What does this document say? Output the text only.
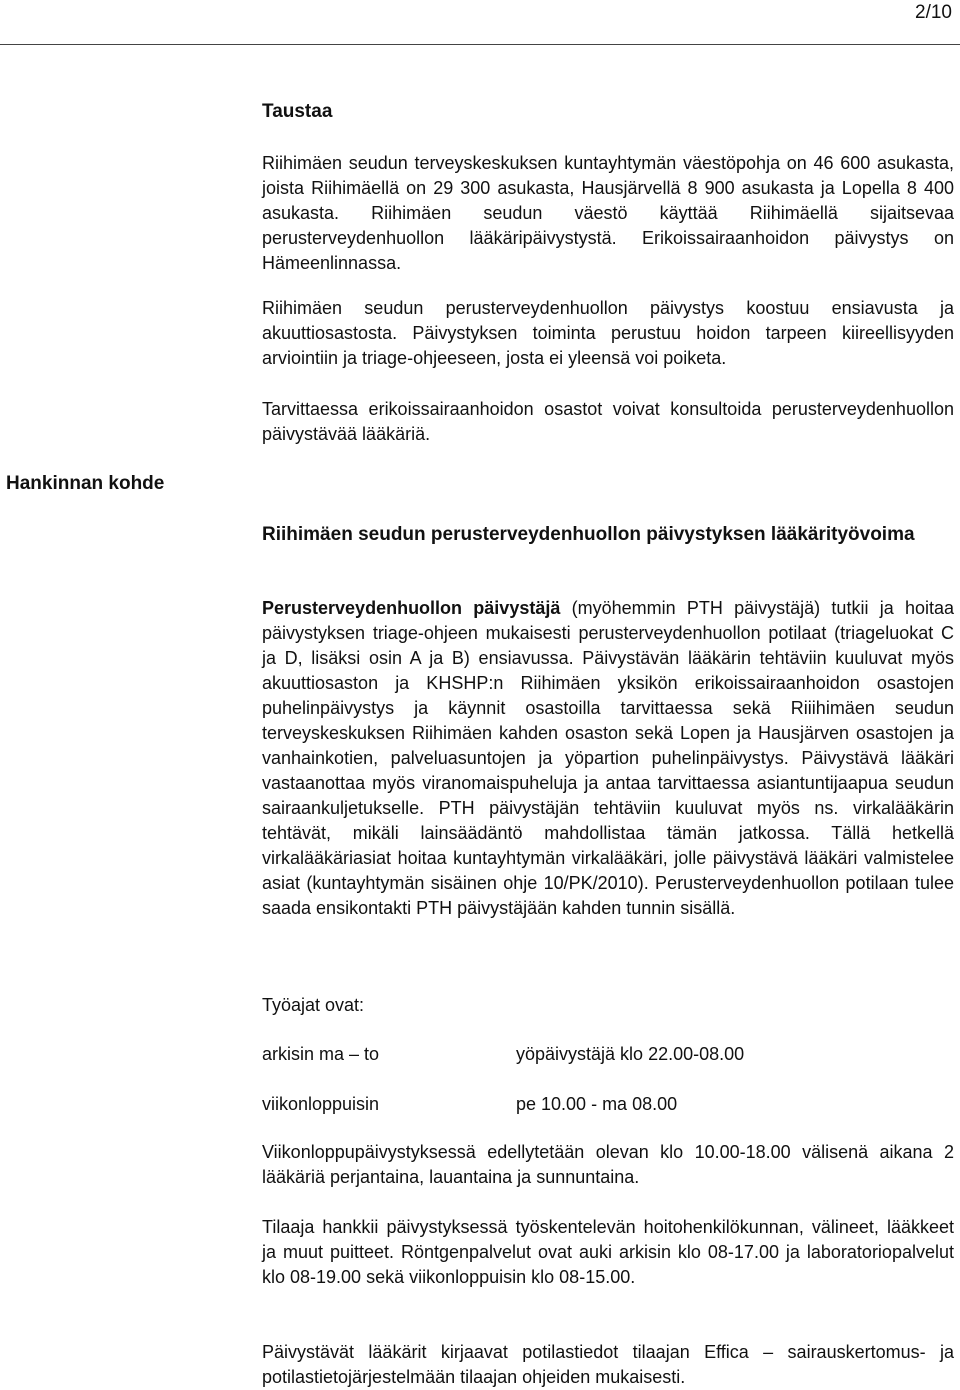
2/10
Hankinnan kohde

Taustaa

Riihimäen seudun terveyskeskuksen kuntayhtymän väestöpohja on 46 600 asukasta, joista Riihimäellä on 29 300 asukasta, Hausjärvellä 8 900 asukasta ja Lopella 8 400 asukasta. Riihimäen seudun väestö käyttää Riihimäellä sijaitsevaa perusterveydenhuollon lääkäripäivystystä. Erikoissairaanhoidon päivystys on Hämeenlinnassa.

Riihimäen seudun perusterveydenhuollon päivystys koostuu ensiavusta ja akuuttiosastosta. Päivystyksen toiminta perustuu hoidon tarpeen kiireellisyyden arviointiin ja triage-ohjeeseen, josta ei yleensä voi poiketa.

Tarvittaessa erikoissairaanhoidon osastot voivat konsultoida perusterveydenhuollon päivystävää lääkäriä.

Riihimäen seudun perusterveydenhuollon päivystyksen lääkärityövoima

Perusterveydenhuollon päivystäjä (myöhemmin PTH päivystäjä) tutkii ja hoitaa päivystyksen triage-ohjeen mukaisesti perusterveydenhuollon potilaat (triageluokat C ja D, lisäksi osin A ja B) ensiavussa. Päivystävän lääkärin tehtäviin kuuluvat myös akuuttiosaston ja KHSHP:n Riihimäen yksikön erikoissairaanhoidon osastojen puhelinpäivystys ja käynnit osastoilla tarvittaessa sekä Riiihimäen seudun terveyskeskuksen Riihimäen kahden osaston sekä Lopen ja Hausjärven osastojen ja vanhainkotien, palveluasuntojen ja yöpartion puhelinpäivystys. Päivystävä lääkäri vastaanottaa myös viranomaispuheluja ja antaa tarvittaessa asiantuntijaapua seudun sairaankuljetukselle. PTH päivystäjän tehtäviin kuuluvat myös ns. virkalääkärin tehtävät, mikäli lainsäädäntö mahdollistaa tämän jatkossa. Tällä hetkellä virkalääkäriasiat hoitaa kuntayhtymän virkalääkäri, jolle päivystävä lääkäri valmistelee asiat (kuntayhtymän sisäinen ohje 10/PK/2010). Perusterveydenhuollon potilaan tulee saada ensikontakti PTH päivystäjään kahden tunnin sisällä.

Työajat ovat:

arkisin ma – to	yöpäivystäjä klo 22.00-08.00
viikonloppuisin	pe 10.00 - ma 08.00

Viikonloppupäivystyksessä edellytetään olevan klo 10.00-18.00 välisenä aikana 2 lääkäriä perjantaina, lauantaina ja sunnuntaina.

Tilaaja hankkii päivystyksessä työskentelevän hoitohenkilökunnan, välineet, lääkkeet ja muut puitteet. Röntgenpalvelut ovat auki arkisin klo 08-17.00 ja laboratoriopalvelut klo 08-19.00 sekä viikonloppuisin klo 08-15.00.

Päivystävät lääkärit kirjaavat potilastiedot tilaajan Effica – sairauskertomus- ja potilastietojärjestelmään tilaajan ohjeiden mukaisesti.
